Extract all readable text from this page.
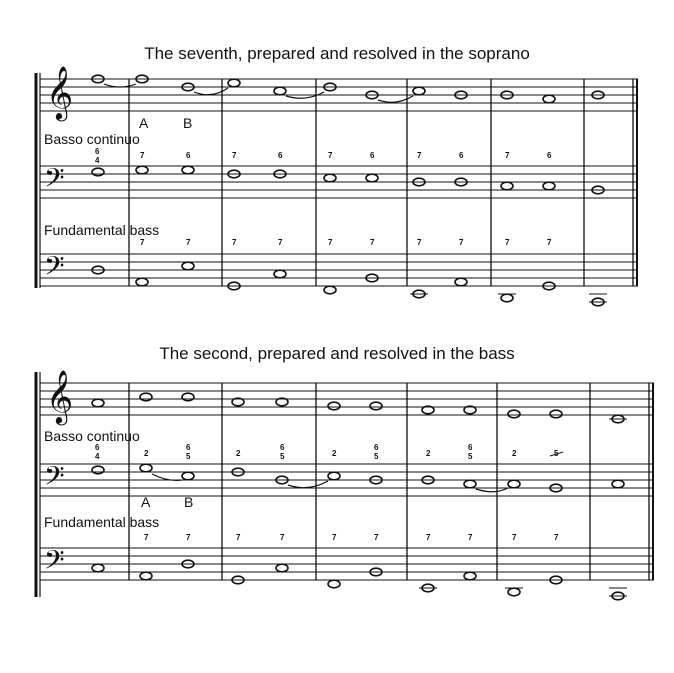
𝄞
𝄢
𝄢
6
4
7	6	7	6	7	6	7	6	7	6
7	7	7	7	7	7	7	7	7	7
𝄞
𝄢
𝄢
6
4	2
6
5	2
6
5	2
6
5	2
6
5	2	5
7	7	7	7	7	7	7	7	7	7
The seventh, prepared and resolved in the soprano
A B
Basso continuo
Fundamental bass
The second, prepared and resolved in the bass
Basso continuo
A B
Fundamental bass
